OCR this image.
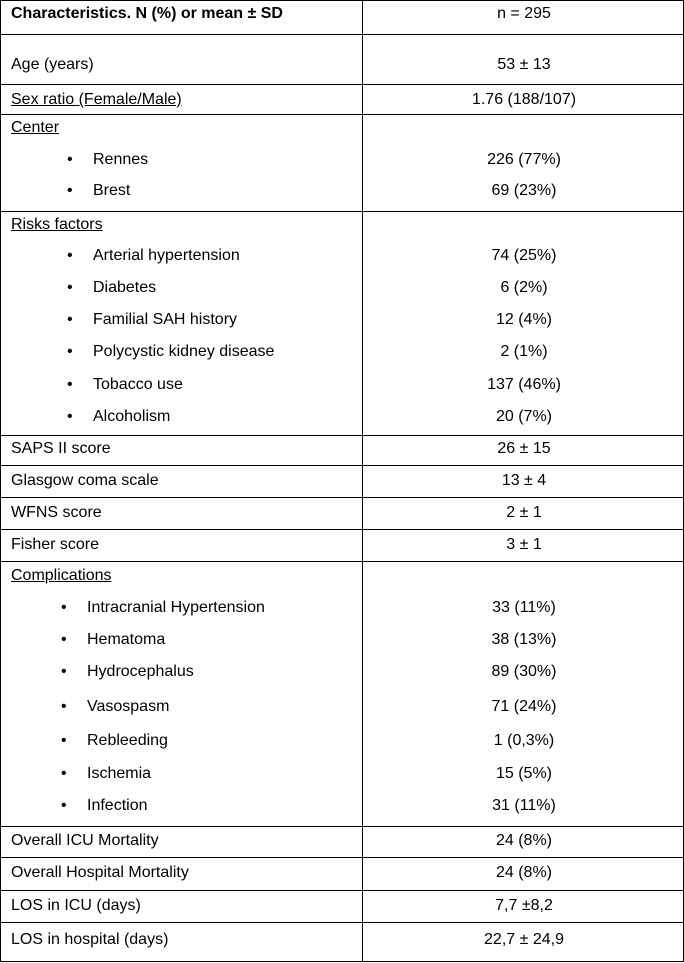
Characteristics. N (%) or mean ± SD	n = 295
Age (years)	53 ± 13
Sex ratio (Female/Male)	1.76 (188/107)
Center
• Rennes	226 (77%)
• Brest	69 (23%)
Risks factors
• Arterial hypertension	74 (25%)
• Diabetes	6 (2%)
• Familial SAH history	12 (4%)
• Polycystic kidney disease	2 (1%)
• Tobacco use	137 (46%)
• Alcoholism	20 (7%)
SAPS II score	26 ± 15
Glasgow coma scale	13 ± 4
WFNS score	2 ± 1
Fisher score	3 ± 1
Complications
• Intracranial Hypertension	33 (11%)
• Hematoma	38 (13%)
• Hydrocephalus	89 (30%)
• Vasospasm	71 (24%)
• Rebleeding	1 (0,3%)
• Ischemia	15 (5%)
• Infection	31 (11%)
Overall ICU Mortality	24 (8%)
Overall Hospital Mortality	24 (8%)
LOS in ICU (days)	7,7 ±8,2
LOS in hospital (days)	22,7 ± 24,9
